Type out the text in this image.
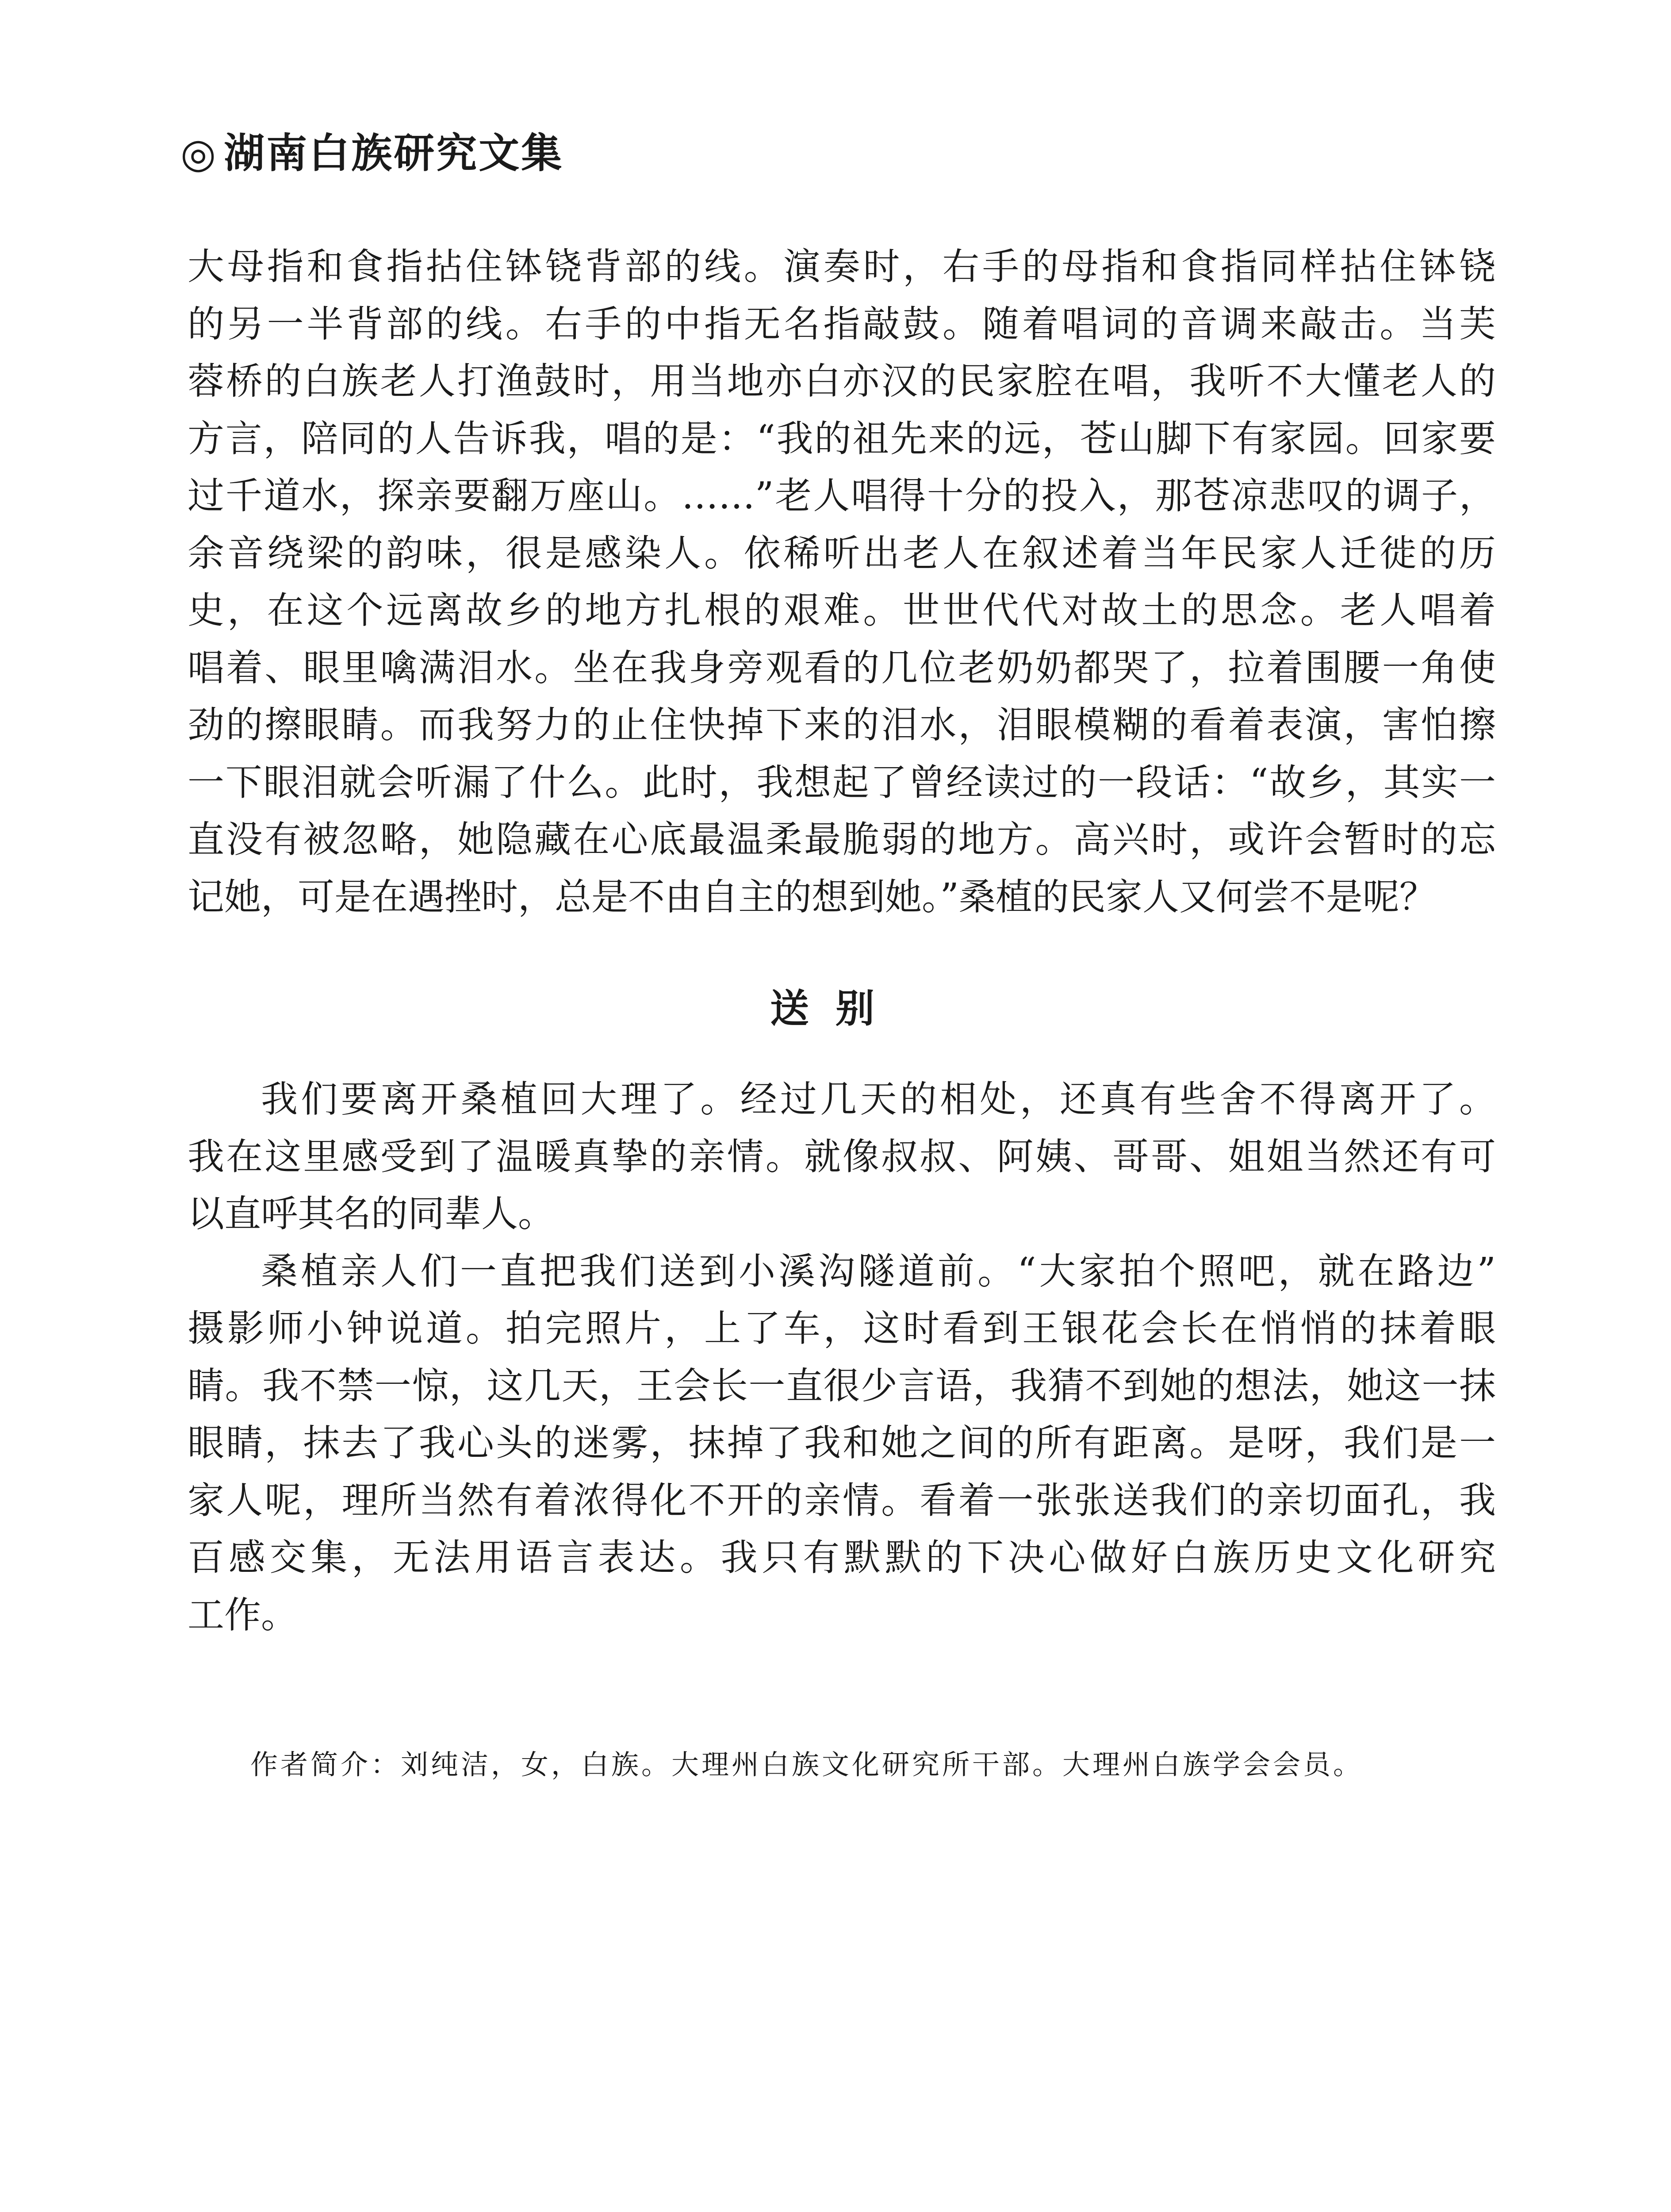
◎ 湖南白族研究文集
大母指和食指拈住钵铙背部的线。演奏时，右手的母指和食指同样拈住钵铙
的另一半背部的线。右手的中指无名指敲鼓。随着唱词的音调来敲击。当芙
蓉桥的白族老人打渔鼓时，用当地亦白亦汉的民家腔在唱，我听不大懂老人的
方言，陪同的人告诉我，唱的是：“我的祖先来的远，苍山脚下有家园。回家要
过千道水，探亲要翻万座山。……”老人唱得十分的投入，那苍凉悲叹的调子，
余音绕梁的韵味，很是感染人。依稀听出老人在叙述着当年民家人迁徙的历
史，在这个远离故乡的地方扎根的艰难。世世代代对故土的思念。老人唱着
唱着、眼里噙满泪水。坐在我身旁观看的几位老奶奶都哭了，拉着围腰一角使
劲的擦眼睛。而我努力的止住快掉下来的泪水，泪眼模糊的看着表演，害怕擦
一下眼泪就会听漏了什么。此时，我想起了曾经读过的一段话：“故乡，其实一
直没有被忽略，她隐藏在心底最温柔最脆弱的地方。高兴时，或许会暂时的忘
记她，可是在遇挫时，总是不由自主的想到她。”桑植的民家人又何尝不是呢？
送别
我们要离开桑植回大理了。经过几天的相处，还真有些舍不得离开了。
我在这里感受到了温暖真挚的亲情。就像叔叔、阿姨、哥哥、姐姐当然还有可
以直呼其名的同辈人。
桑植亲人们一直把我们送到小溪沟隧道前。“大家拍个照吧，就在路边”
摄影师小钟说道。拍完照片，上了车，这时看到王银花会长在悄悄的抹着眼
睛。我不禁一惊，这几天，王会长一直很少言语，我猜不到她的想法，她这一抹
眼睛，抹去了我心头的迷雾，抹掉了我和她之间的所有距离。是呀，我们是一
家人呢，理所当然有着浓得化不开的亲情。看着一张张送我们的亲切面孔，我
百感交集，无法用语言表达。我只有默默的下决心做好白族历史文化研究
工作。
作者简介：刘纯洁，女，白族。大理州白族文化研究所干部。大理州白族学会会员。
